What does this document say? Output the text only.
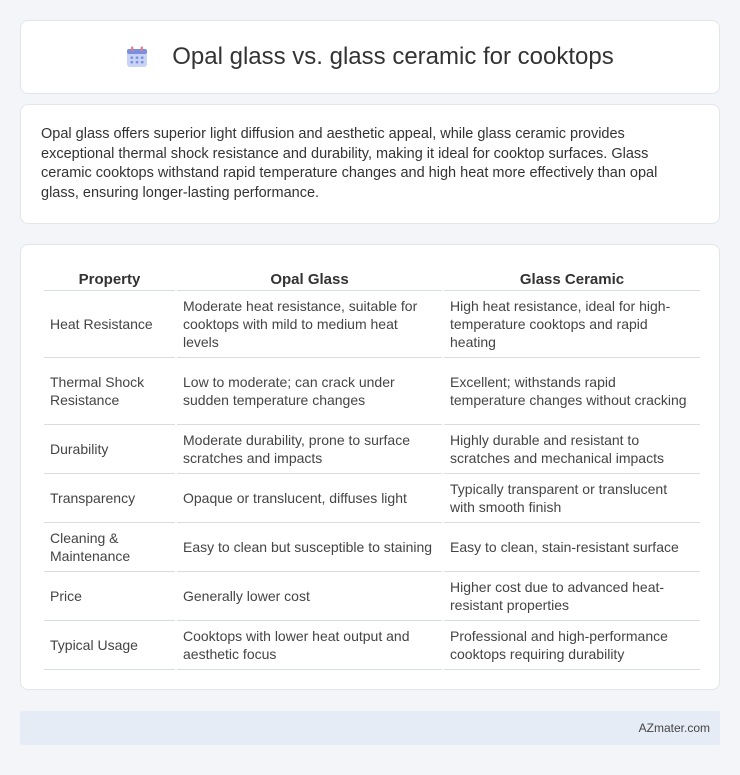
Opal glass vs. glass ceramic for cooktops

Opal glass offers superior light diffusion and aesthetic appeal, while glass ceramic provides exceptional thermal shock resistance and durability, making it ideal for cooktop surfaces. Glass ceramic cooktops withstand rapid temperature changes and high heat more effectively than opal glass, ensuring longer-lasting performance.

Property	Opal Glass	Glass Ceramic
Heat Resistance	Moderate heat resistance, suitable for cooktops with mild to medium heat levels	High heat resistance, ideal for high-temperature cooktops and rapid heating
Thermal Shock Resistance	Low to moderate; can crack under sudden temperature changes	Excellent; withstands rapid temperature changes without cracking
Durability	Moderate durability, prone to surface scratches and impacts	Highly durable and resistant to scratches and mechanical impacts
Transparency	Opaque or translucent, diffuses light	Typically transparent or translucent with smooth finish
Cleaning & Maintenance	Easy to clean but susceptible to staining	Easy to clean, stain-resistant surface
Price	Generally lower cost	Higher cost due to advanced heat-resistant properties
Typical Usage	Cooktops with lower heat output and aesthetic focus	Professional and high-performance cooktops requiring durability
AZmater.com
